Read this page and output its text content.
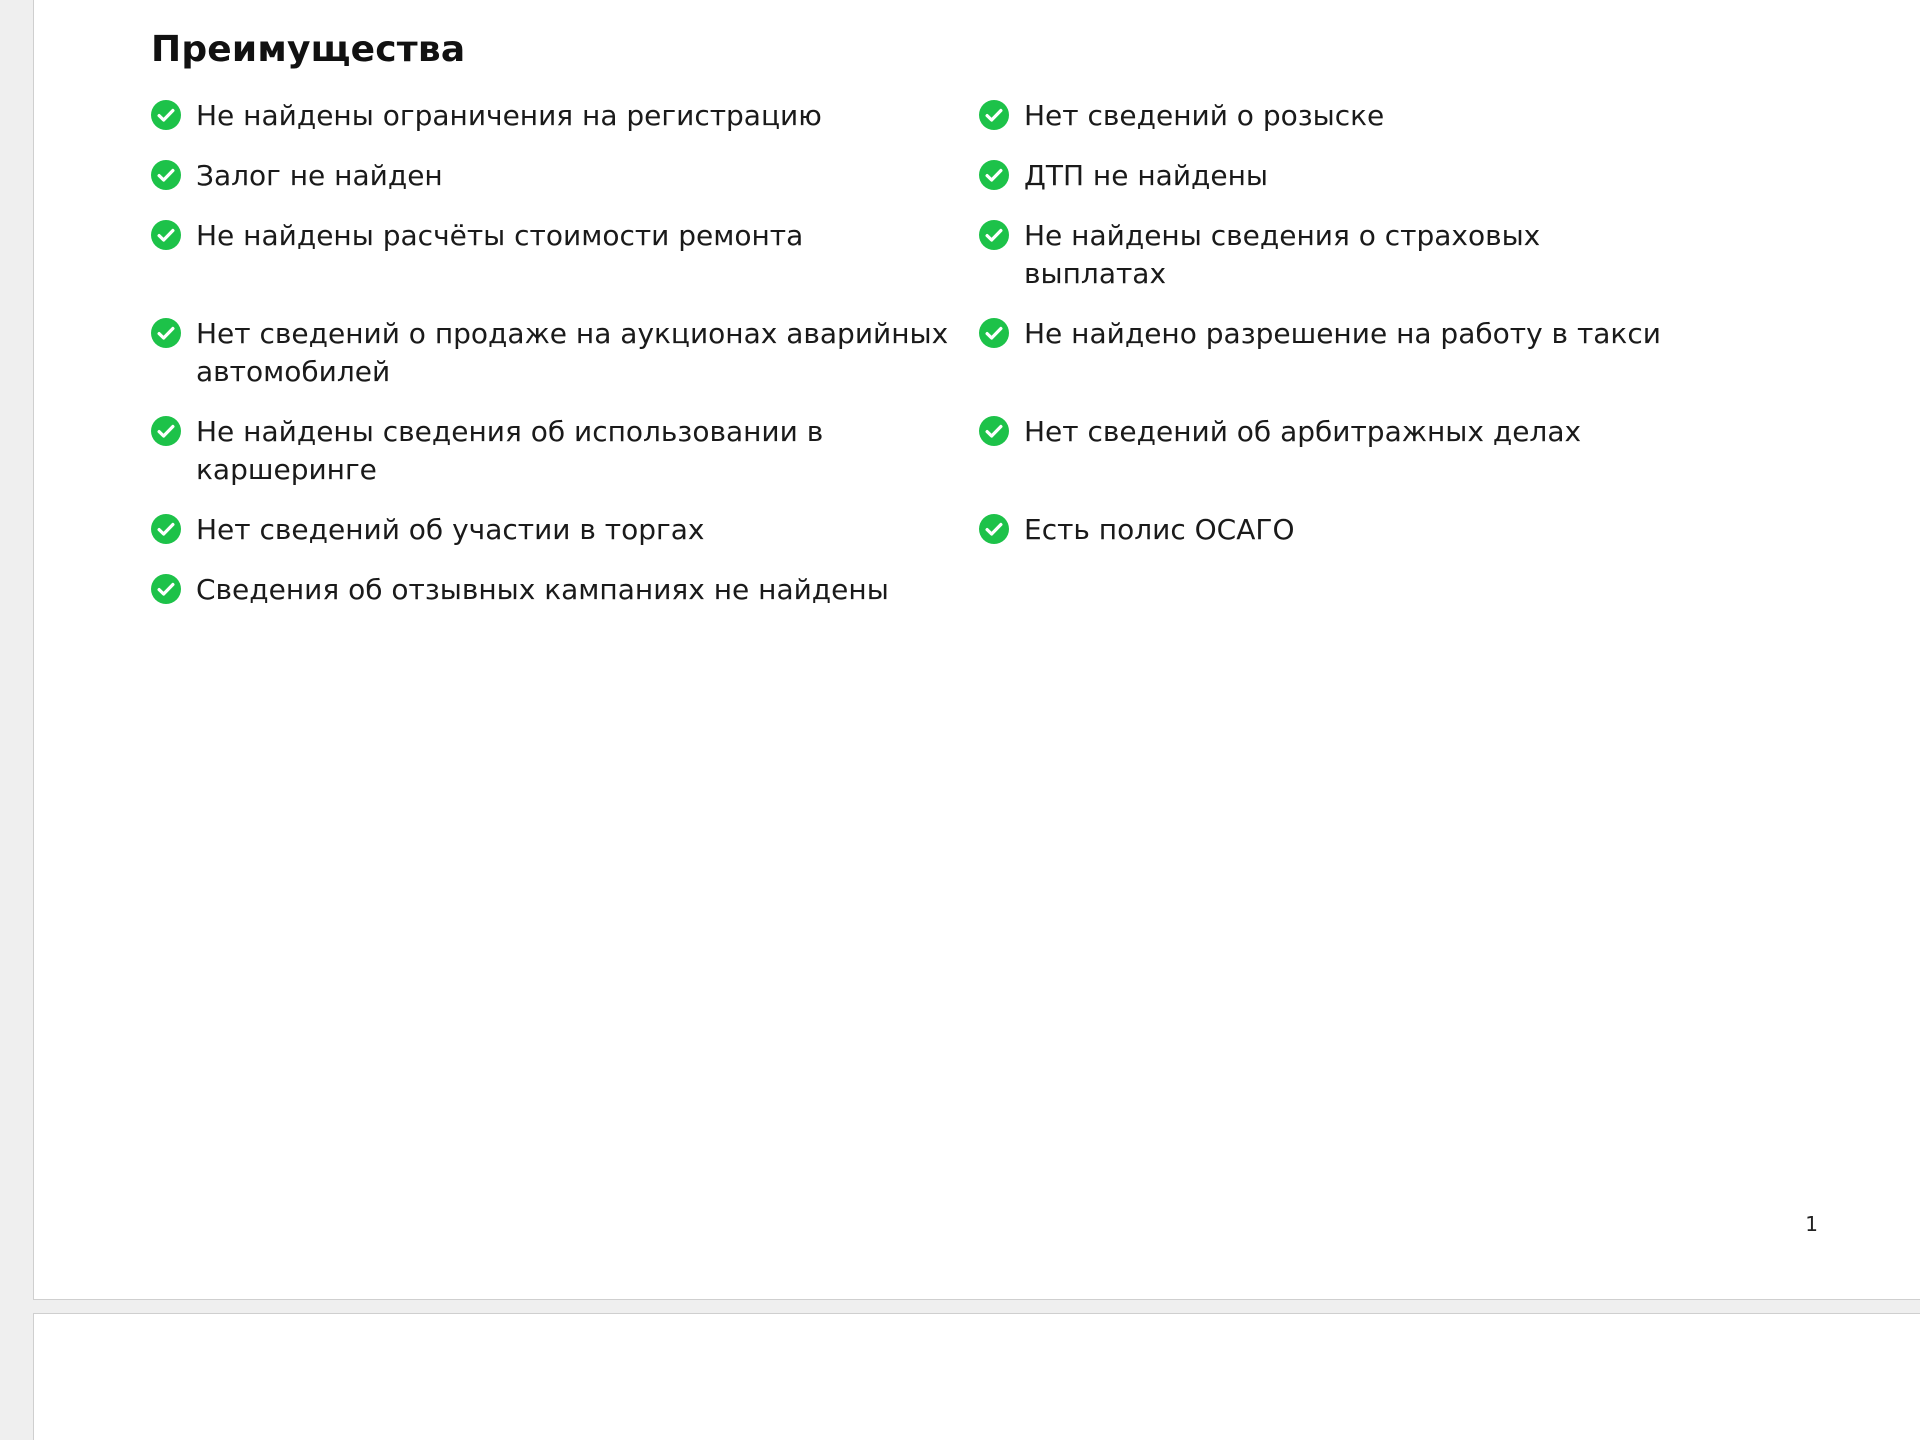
Преимущества
Не найдены ограничения на регистрацию	Нет сведений о розыске
Залог не найден	ДТП не найдены
Не найдены расчёты стоимости ремонта	Не найдены сведения о страховых выплатах
Нет сведений о продаже на аукционах аварийных автомобилей
Не найдено разрешение на работу в такси
Не найдены сведения об использовании в каршеринге
Нет сведений об арбитражных делах
Нет сведений об участии в торгах	Есть полис ОСАГО
Сведения об отзывных кампаниях не найдены
1
